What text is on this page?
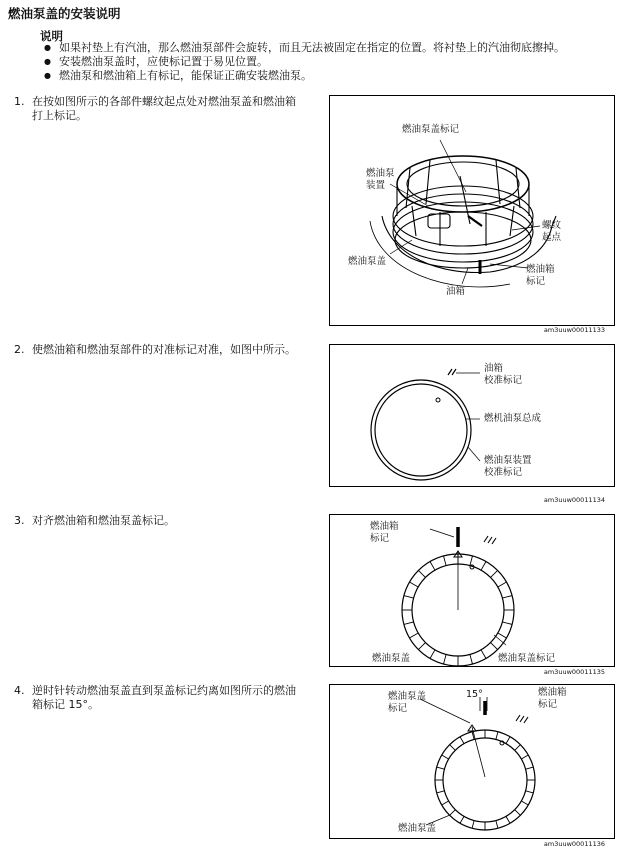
燃油泵盖的安装说明
说明
● 如果衬垫上有汽油，那么燃油泵部件会旋转，而且无法被固定在指定的位置。将衬垫上的汽油彻底擦掉。
● 安装燃油泵盖时，应使标记置于易见位置。
● 燃油泵和燃油箱上有标记，能保证正确安装燃油泵。
1. 在按如图所示的各部件螺纹起点处对燃油泵盖和燃油箱打上标记。
燃油泵盖标记
燃油泵
装置
螺纹
起点
燃油泵盖
燃油箱
标记
油箱
am3uuw00011133
2. 使燃油箱和燃油泵部件的对准标记对准，如图中所示。
油箱
校准标记
燃机油泵总成
燃油泵装置
校准标记
am3uuw00011134
3. 对齐燃油箱和燃油泵盖标记。	燃油箱
标记
燃油泵盖	燃油泵盖标记
am3uuw00011135
4. 逆时针转动燃油泵盖直到泵盖标记约离如图所示的燃油箱标记 15°。
燃油泵盖
标记
15°	燃油箱
标记
燃油泵盖
am3uuw00011136
